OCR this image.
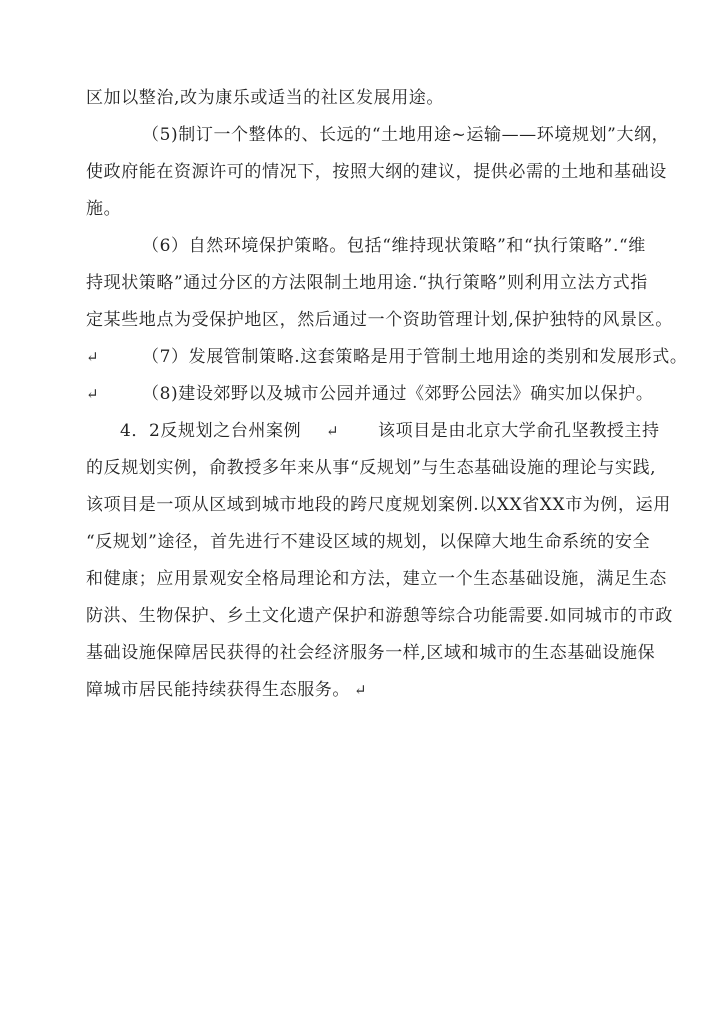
区加以整治,改为康乐或适当的社区发展用途。
（5)制订一个整体的、长远的“土地用途~运输——环境规划”大纲，
使政府能在资源许可的情况下，按照大纲的建议，提供必需的土地和基础设
施。
（6）自然环境保护策略。包括“维持现状策略”和“执行策略”.“维
持现状策略”通过分区的方法限制土地用途.“执行策略”则利用立法方式指
定某些地点为受保护地区，然后通过一个资助管理计划,保护独特的风景区。
↵	（7）发展管制策略.这套策略是用于管制土地用途的类别和发展形式。
↵	（8)建设郊野以及城市公园并通过《郊野公园法》确实加以保护。
4．2反规划之台州案例 ↵ 该项目是由北京大学俞孔坚教授主持
的反规划实例，俞教授多年来从事“反规划”与生态基础设施的理论与实践,
该项目是一项从区域到城市地段的跨尺度规划案例.以XX省XX市为例，运用
“反规划”途径，首先进行不建设区域的规划，以保障大地生命系统的安全
和健康；应用景观安全格局理论和方法，建立一个生态基础设施，满足生态
防洪、生物保护、乡土文化遗产保护和游憩等综合功能需要.如同城市的市政
基础设施保障居民获得的社会经济服务一样,区域和城市的生态基础设施保
障城市居民能持续获得生态服务。 ↵
